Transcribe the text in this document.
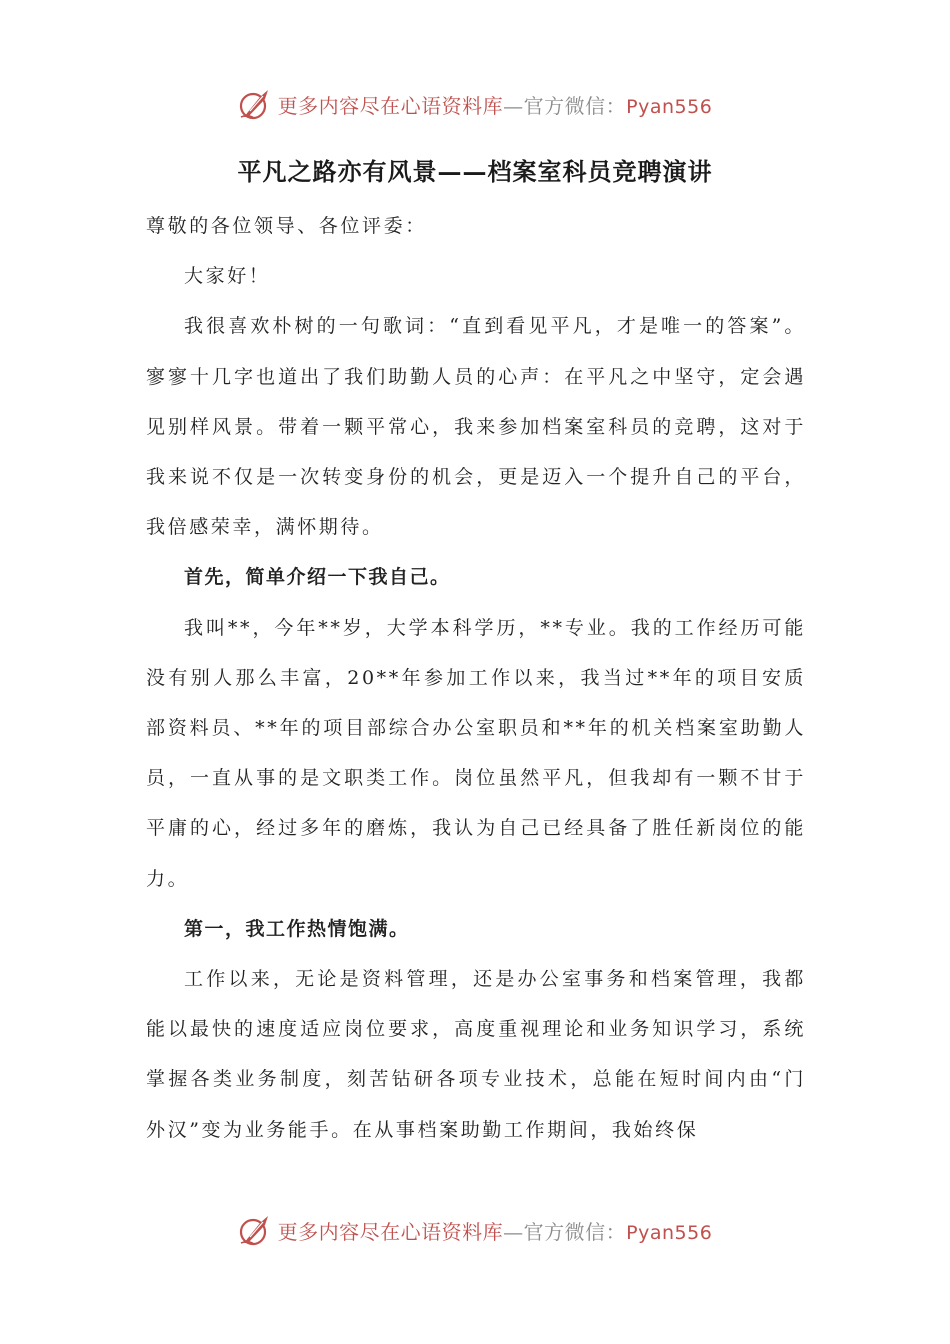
更多内容尽在心语资料库—官方微信：Pyan556
平凡之路亦有风景——档案室科员竞聘演讲

尊敬的各位领导、各位评委：

大家好！

我很喜欢朴树的一句歌词：“直到看见平凡，才是唯一的答案”。寥寥十几字也道出了我们助勤人员的心声：在平凡之中坚守，定会遇见别样风景。带着一颗平常心，我来参加档案室科员的竞聘，这对于我来说不仅是一次转变身份的机会，更是迈入一个提升自己的平台，我倍感荣幸，满怀期待。

首先，简单介绍一下我自己。

我叫**，今年**岁，大学本科学历，**专业。我的工作经历可能没有别人那么丰富，20**年参加工作以来，我当过**年的项目安质部资料员、**年的项目部综合办公室职员和**年的机关档案室助勤人员，一直从事的是文职类工作。岗位虽然平凡，但我却有一颗不甘于平庸的心，经过多年的磨炼，我认为自己已经具备了胜任新岗位的能力。

第一，我工作热情饱满。

工作以来，无论是资料管理，还是办公室事务和档案管理，我都能以最快的速度适应岗位要求，高度重视理论和业务知识学习，系统掌握各类业务制度，刻苦钻研各项专业技术，总能在短时间内由“门外汉”变为业务能手。在从事档案助勤工作期间，我始终保

更多内容尽在心语资料库—官方微信：Pyan556
